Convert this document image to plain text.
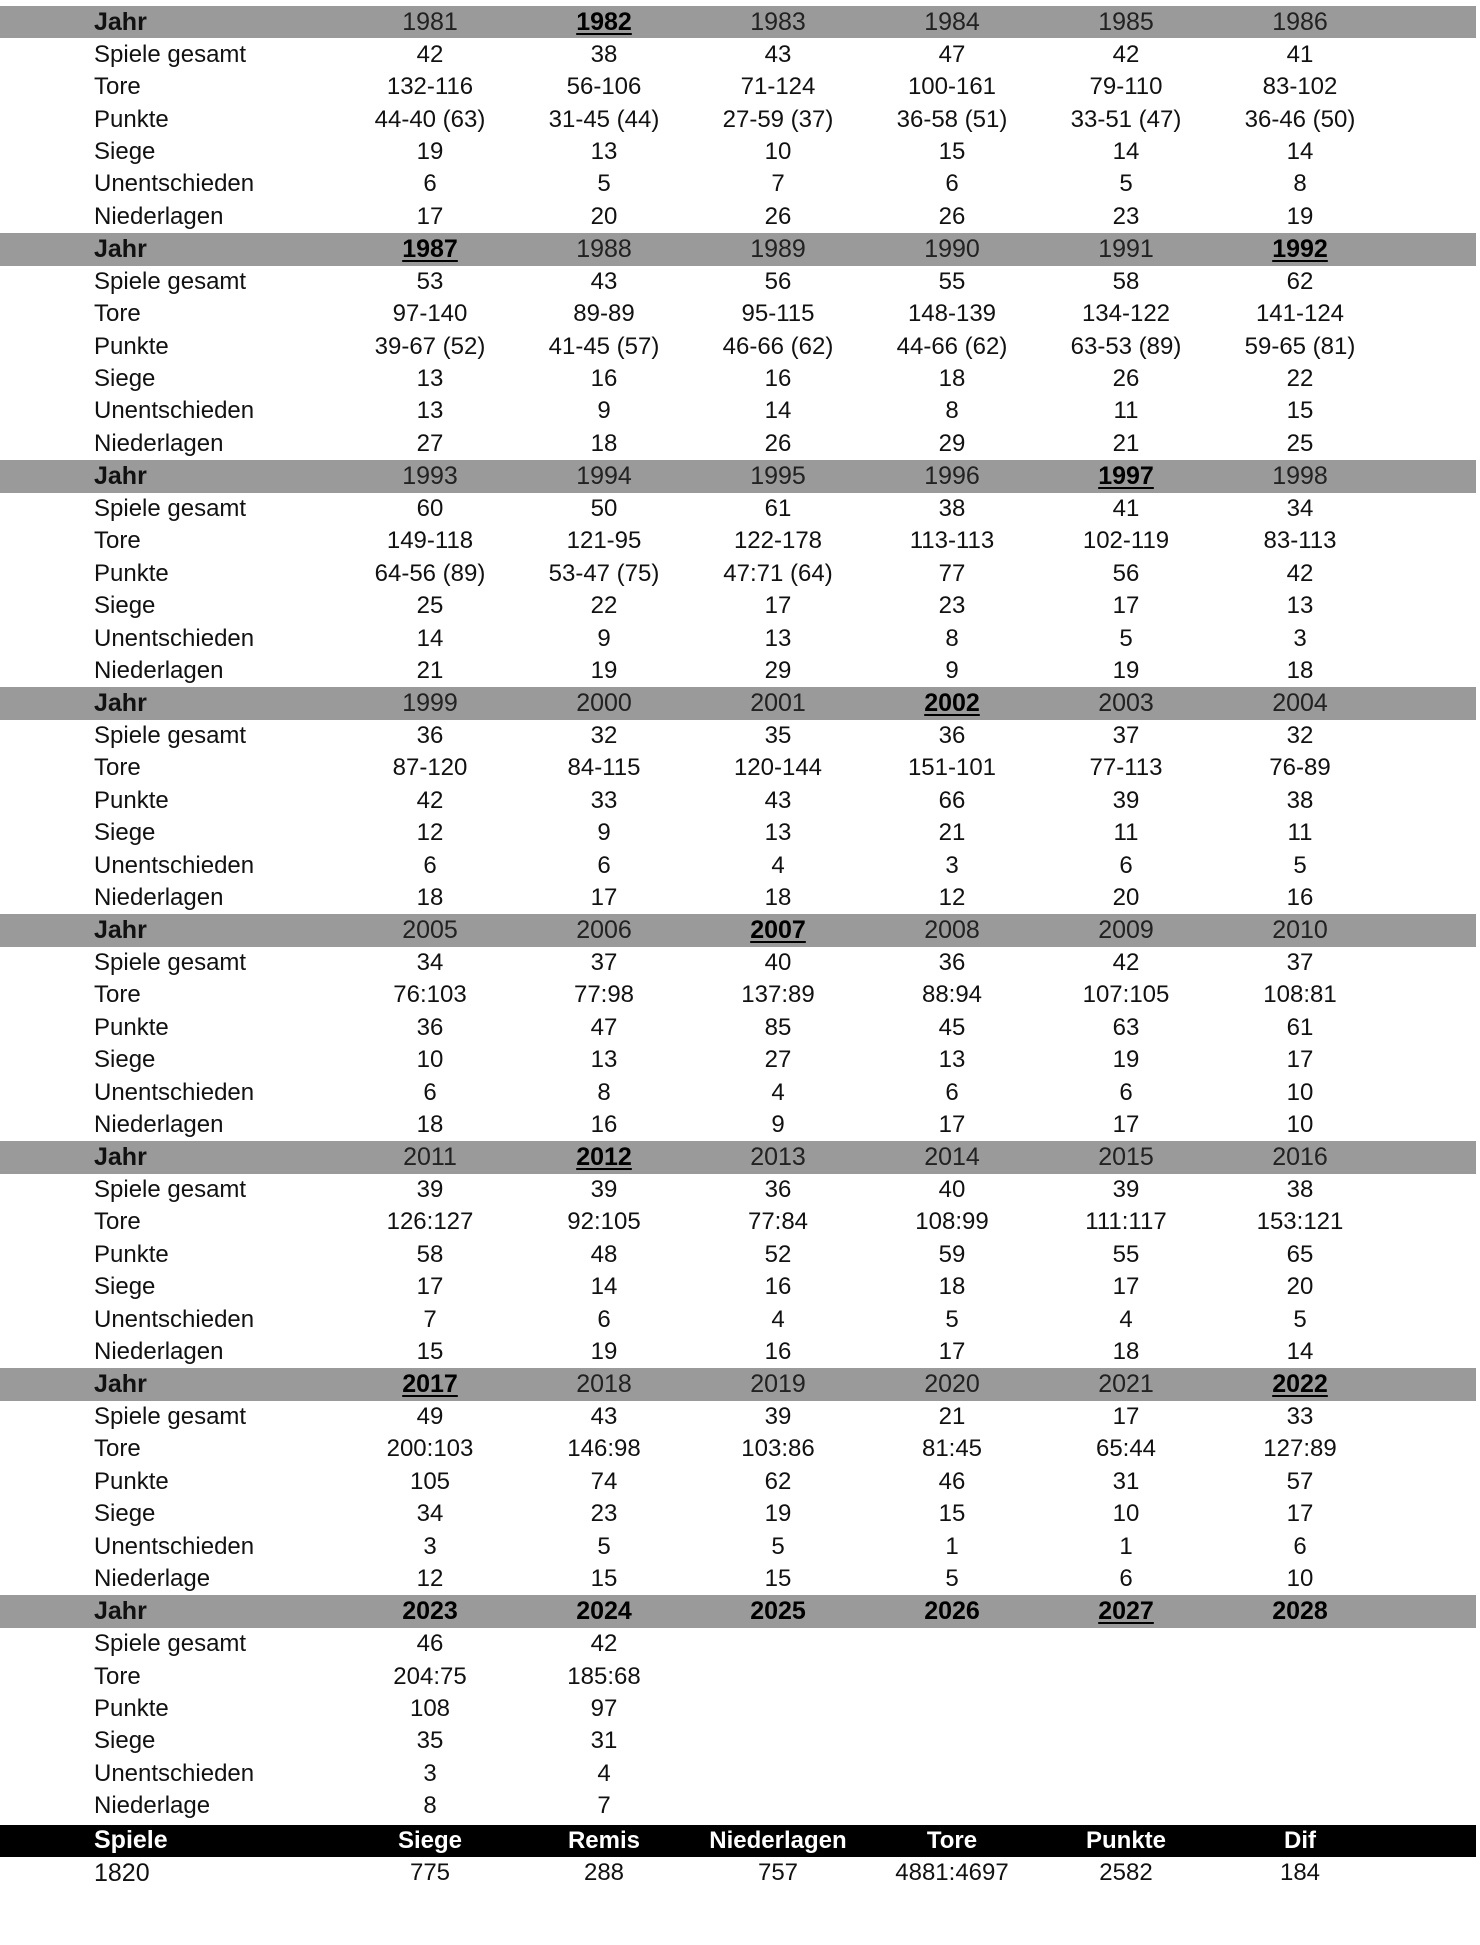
Jahr	1981	1982	1983	1984	1985	1986
Spiele gesamt	42	38	43	47	42	41
Tore	132-116	56-106	71-124	100-161	79-110	83-102
Punkte	44-40 (63)	31-45 (44)	27-59 (37)	36-58 (51)	33-51 (47)	36-46 (50)
Siege	19	13	10	15	14	14
Unentschieden	6	5	7	6	5	8
Niederlagen	17	20	26	26	23	19
Jahr	1987	1988	1989	1990	1991	1992
Spiele gesamt	53	43	56	55	58	62
Tore	97-140	89-89	95-115	148-139	134-122	141-124
Punkte	39-67 (52)	41-45 (57)	46-66 (62)	44-66 (62)	63-53 (89)	59-65 (81)
Siege	13	16	16	18	26	22
Unentschieden	13	9	14	8	11	15
Niederlagen	27	18	26	29	21	25
Jahr	1993	1994	1995	1996	1997	1998
Spiele gesamt	60	50	61	38	41	34
Tore	149-118	121-95	122-178	113-113	102-119	83-113
Punkte	64-56 (89)	53-47 (75)	47:71 (64)	77	56	42
Siege	25	22	17	23	17	13
Unentschieden	14	9	13	8	5	3
Niederlagen	21	19	29	9	19	18
Jahr	1999	2000	2001	2002	2003	2004
Spiele gesamt	36	32	35	36	37	32
Tore	87-120	84-115	120-144	151-101	77-113	76-89
Punkte	42	33	43	66	39	38
Siege	12	9	13	21	11	11
Unentschieden	6	6	4	3	6	5
Niederlagen	18	17	18	12	20	16
Jahr	2005	2006	2007	2008	2009	2010
Spiele gesamt	34	37	40	36	42	37
Tore	76:103	77:98	137:89	88:94	107:105	108:81
Punkte	36	47	85	45	63	61
Siege	10	13	27	13	19	17
Unentschieden	6	8	4	6	6	10
Niederlagen	18	16	9	17	17	10
Jahr	2011	2012	2013	2014	2015	2016
Spiele gesamt	39	39	36	40	39	38
Tore	126:127	92:105	77:84	108:99	111:117	153:121
Punkte	58	48	52	59	55	65
Siege	17	14	16	18	17	20
Unentschieden	7	6	4	5	4	5
Niederlagen	15	19	16	17	18	14
Jahr	2017	2018	2019	2020	2021	2022
Spiele gesamt	49	43	39	21	17	33
Tore	200:103	146:98	103:86	81:45	65:44	127:89
Punkte	105	74	62	46	31	57
Siege	34	23	19	15	10	17
Unentschieden	3	5	5	1	1	6
Niederlage	12	15	15	5	6	10
Jahr	2023	2024	2025	2026	2027	2028
Spiele gesamt	46	42
Tore	204:75	185:68
Punkte	108	97
Siege	35	31
Unentschieden	3	4
Niederlage	8	7
Spiele	Siege	Remis	Niederlagen	Tore	Punkte	Dif
1820	775	288	757	4881:4697	2582	184
